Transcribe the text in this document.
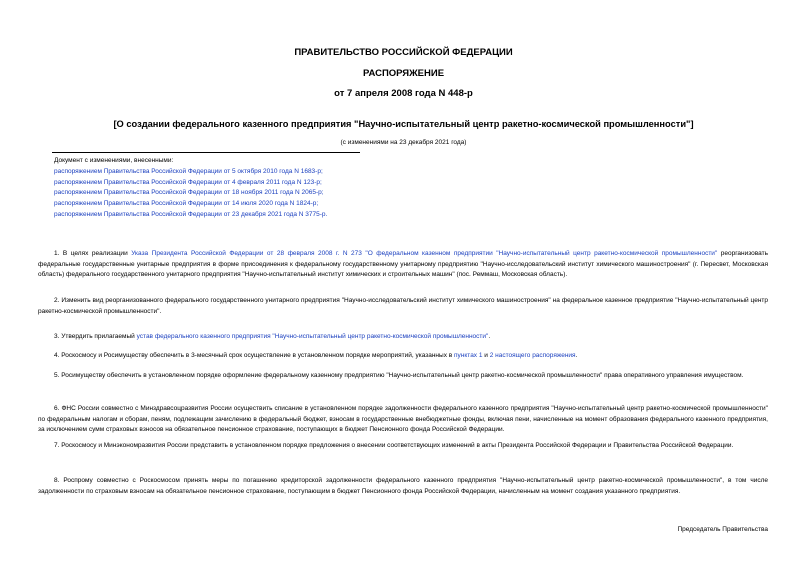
ПРАВИТЕЛЬСТВО РОССИЙСКОЙ ФЕДЕРАЦИИ
РАСПОРЯЖЕНИЕ
от 7 апреля 2008 года N 448-р
[О создании федерального казенного предприятия "Научно-испытательный центр ракетно-космической промышленности"]
(с изменениями на 23 декабря 2021 года)
Документ с изменениями, внесенными:
распоряжением Правительства Российской Федерации от 5 октября 2010 года N 1683-р;
распоряжением Правительства Российской Федерации от 4 февраля 2011 года N 123-р;
распоряжением Правительства Российской Федерации от 18 ноября 2011 года N 2065-р;
распоряжением Правительства Российской Федерации от 14 июля 2020 года N 1824-р;
распоряжением Правительства Российской Федерации от 23 декабря 2021 года N 3775-р.
1. В целях реализации Указа Президента Российской Федерации от 28 февраля 2008 г. N 273 "О федеральном казенном предприятии "Научно-испытательный центр ракетно-космической промышленности" реорганизовать федеральные государственные унитарные предприятия в форме присоединения к федеральному государственному унитарному предприятию "Научно-исследовательский институт химического машиностроения" (г. Пересвет, Московская область) федерального государственного унитарного предприятия "Научно-испытательный институт химических и строительных машин" (пос. Реммаш, Московская область).
2. Изменить вид реорганизованного федерального государственного унитарного предприятия "Научно-исследовательский институт химического машиностроения" на федеральное казенное предприятие "Научно-испытательный центр ракетно-космической промышленности".
3. Утвердить прилагаемый устав федерального казенного предприятия "Научно-испытательный центр ракетно-космической промышленности".
4. Роскосмосу и Росимуществу обеспечить в 3-месячный срок осуществление в установленном порядке мероприятий, указанных в пунктах 1 и 2 настоящего распоряжения.
5. Росимуществу обеспечить в установленном порядке оформление федеральному казенному предприятию "Научно-испытательный центр ракетно-космической промышленности" права оперативного управления имуществом.
6. ФНС России совместно с Минздравсоцразвития России осуществить списание в установленном порядке задолженности федерального казенного предприятия "Научно-испытательный центр ракетно-космической промышленности" по федеральным налогам и сборам, пеням, подлежащим зачислению в федеральный бюджет, взносам в государственные внебюджетные фонды, включая пени, начисленные на момент образования федерального казенного предприятия, за исключением сумм страховых взносов на обязательное пенсионное страхование, поступающих в бюджет Пенсионного фонда Российской Федерации.
7. Роскосмосу и Минэкономразвития России представить в установленном порядке предложения о внесении соответствующих изменений в акты Президента Российской Федерации и Правительства Российской Федерации.
8. Роспрому совместно с Роскосмосом принять меры по погашению кредиторской задолженности федерального казенного предприятия "Научно-испытательный центр ракетно-космической промышленности", в том числе задолженности по страховым взносам на обязательное пенсионное страхование, поступающим в бюджет Пенсионного фонда Российской Федерации, начисленным на момент создания указанного предприятия.
Председатель Правительства
